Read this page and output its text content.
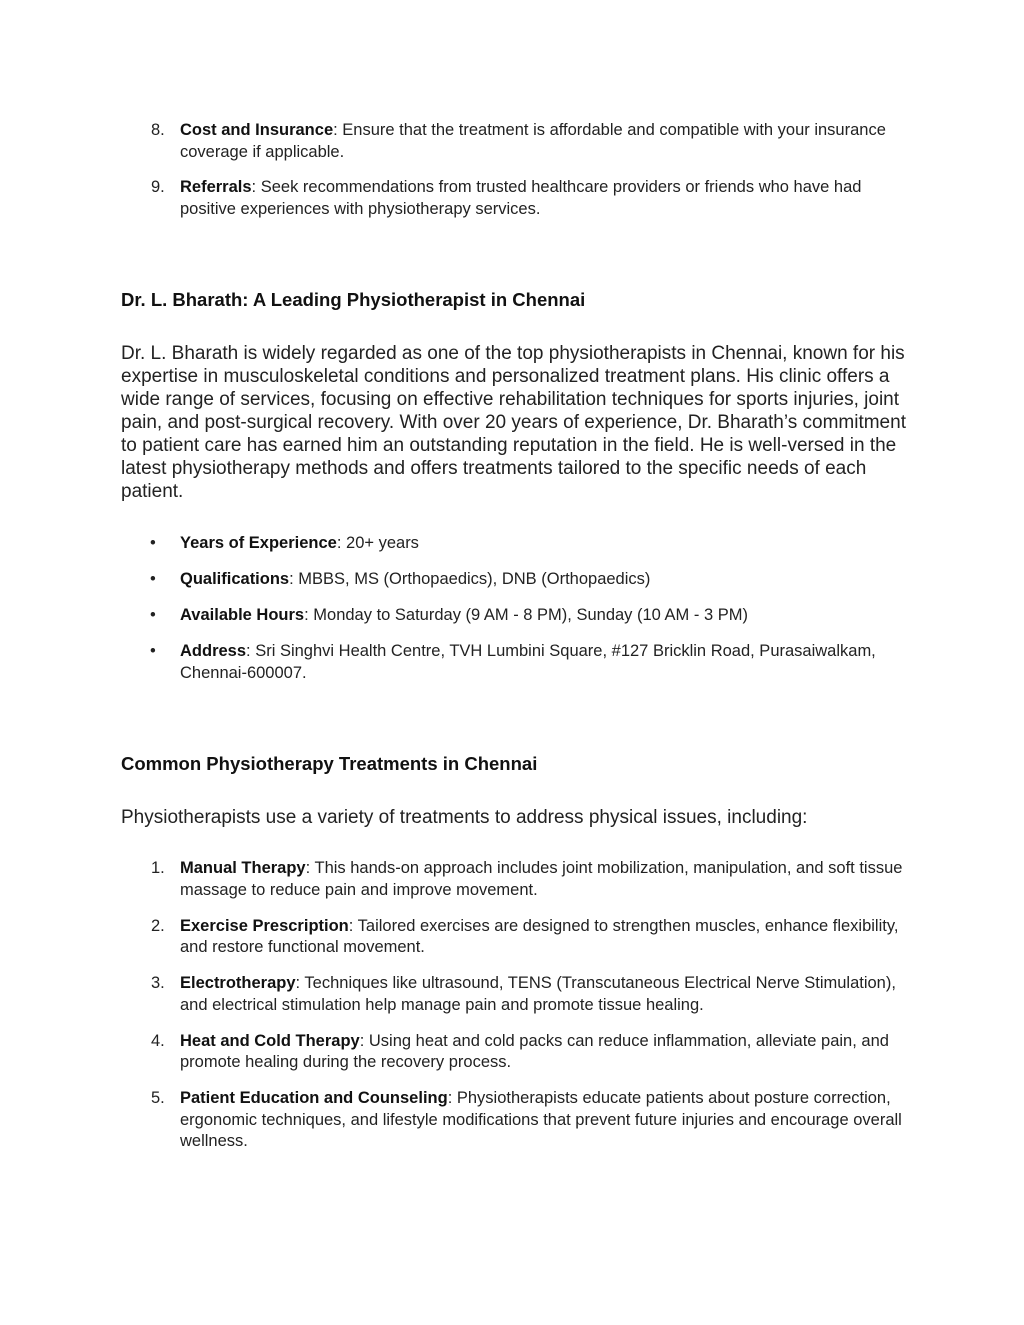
8. Cost and Insurance: Ensure that the treatment is affordable and compatible with your insurance coverage if applicable.
9. Referrals: Seek recommendations from trusted healthcare providers or friends who have had positive experiences with physiotherapy services.
Dr. L. Bharath: A Leading Physiotherapist in Chennai

Dr. L. Bharath is widely regarded as one of the top physiotherapists in Chennai, known for his expertise in musculoskeletal conditions and personalized treatment plans. His clinic offers a wide range of services, focusing on effective rehabilitation techniques for sports injuries, joint pain, and post-surgical recovery. With over 20 years of experience, Dr. Bharath’s commitment to patient care has earned him an outstanding reputation in the field. He is well-versed in the latest physiotherapy methods and offers treatments tailored to the specific needs of each patient.

• Years of Experience: 20+ years
• Qualifications: MBBS, MS (Orthopaedics), DNB (Orthopaedics)
• Available Hours: Monday to Saturday (9 AM - 8 PM), Sunday (10 AM - 3 PM)
• Address: Sri Singhvi Health Centre, TVH Lumbini Square, #127 Bricklin Road, Purasaiwalkam, Chennai-600007.
Common Physiotherapy Treatments in Chennai

Physiotherapists use a variety of treatments to address physical issues, including:

1. Manual Therapy: This hands-on approach includes joint mobilization, manipulation, and soft tissue massage to reduce pain and improve movement.
2. Exercise Prescription: Tailored exercises are designed to strengthen muscles, enhance flexibility, and restore functional movement.
3. Electrotherapy: Techniques like ultrasound, TENS (Transcutaneous Electrical Nerve Stimulation), and electrical stimulation help manage pain and promote tissue healing.
4. Heat and Cold Therapy: Using heat and cold packs can reduce inflammation, alleviate pain, and promote healing during the recovery process.
5. Patient Education and Counseling: Physiotherapists educate patients about posture correction, ergonomic techniques, and lifestyle modifications that prevent future injuries and encourage overall wellness.
